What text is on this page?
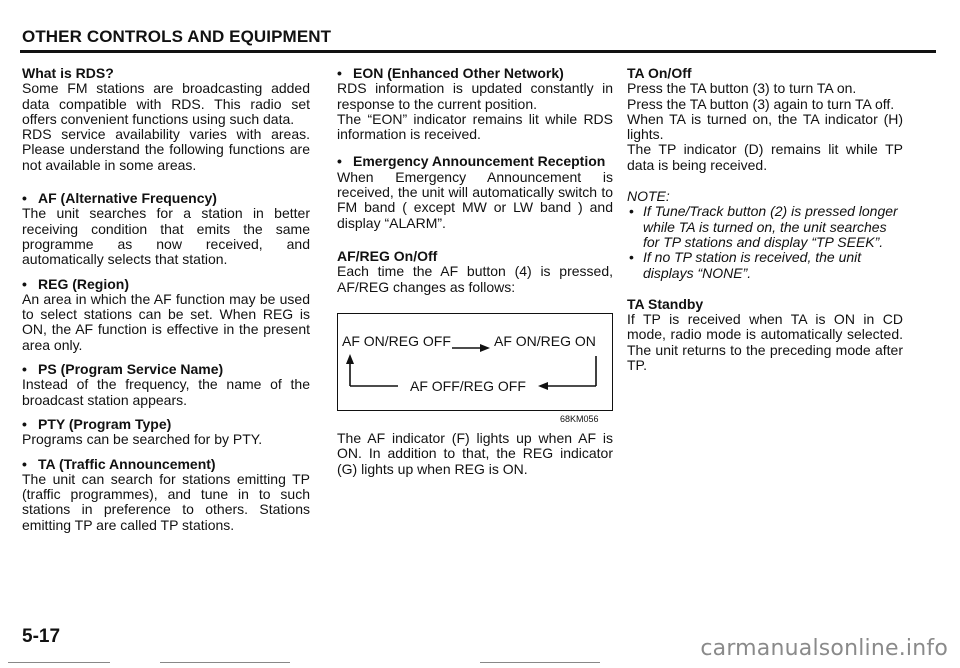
OTHER CONTROLS AND EQUIPMENT

What is RDS?

Some FM stations are broadcasting added data compatible with RDS. This radio set offers convenient functions using such data.

RDS service availability varies with areas. Please understand the following functions are not available in some areas.

• AF (Alternative Frequency)

The unit searches for a station in better receiving condition that emits the same programme as now received, and automatically selects that station.

• REG (Region)

An area in which the AF function may be used to select stations can be set. When REG is ON, the AF function is effective in the present area only.

• PS (Program Service Name)

Instead of the frequency, the name of the broadcast station appears.

• PTY (Program Type)

Programs can be searched for by PTY.

• TA (Traffic Announcement)

The unit can search for stations emitting TP (traffic programmes), and tune in to such stations in preference to others. Stations emitting TP are called TP stations.

• EON (Enhanced Other Network)

RDS information is updated constantly in response to the current position.

The “EON” indicator remains lit while RDS information is received.

• Emergency Announcement Reception

When Emergency Announcement is received, the unit will automatically switch to FM band ( except MW or LW band ) and display “ALARM”.

AF/REG On/Off

Each time the AF button (4) is pressed, AF/REG changes as follows:

AF ON/REG OFF	AF ON/REG ON
AF OFF/REG OFF
68KM056

The AF indicator (F) lights up when AF is ON. In addition to that, the REG indicator (G) lights up when REG is ON.

TA On/Off

Press the TA button (3) to turn TA on.

Press the TA button (3) again to turn TA off.

When TA is turned on, the TA indicator (H) lights.

The TP indicator (D) remains lit while TP data is being received.

NOTE:

• If Tune/Track button (2) is pressed longer while TA is turned on, the unit searches for TP stations and display “TP SEEK”.

• If no TP station is received, the unit displays “NONE”.

TA Standby

If TP is received when TA is ON in CD mode, radio mode is automatically selected. The unit returns to the preceding mode after TP.

5-17	carmanualsonline.info
